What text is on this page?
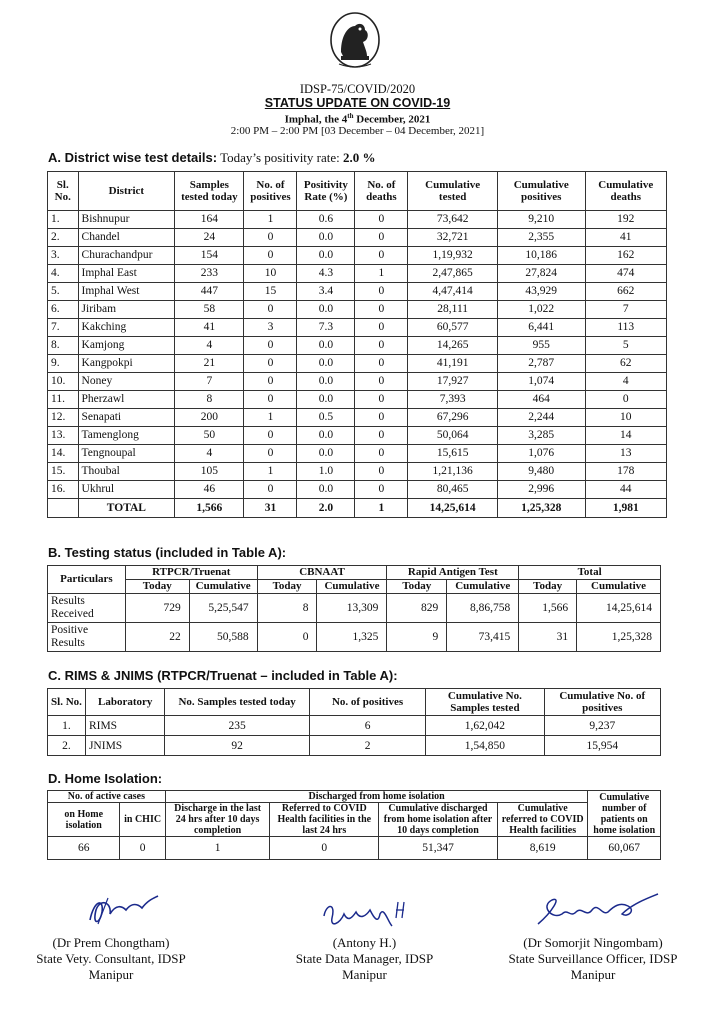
IDSP-75/COVID/2020
STATUS UPDATE ON COVID-19
Imphal, the 4th December, 2021
2:00 PM – 2:00 PM [03 December – 04 December, 2021]
A. District wise test details: Today’s positivity rate: 2.0 %
Sl. No.	District	Samples tested today	No. of positives	Positivity Rate (%)	No. of deaths	Cumulative tested	Cumulative positives	Cumulative deaths
1.	Bishnupur	164	1	0.6	0	73,642	9,210	192
2.	Chandel	24	0	0.0	0	32,721	2,355	41
3.	Churachandpur	154	0	0.0	0	1,19,932	10,186	162
4.	Imphal East	233	10	4.3	1	2,47,865	27,824	474
5.	Imphal West	447	15	3.4	0	4,47,414	43,929	662
6.	Jiribam	58	0	0.0	0	28,111	1,022	7
7.	Kakching	41	3	7.3	0	60,577	6,441	113
8.	Kamjong	4	0	0.0	0	14,265	955	5
9.	Kangpokpi	21	0	0.0	0	41,191	2,787	62
10.	Noney	7	0	0.0	0	17,927	1,074	4
11.	Pherzawl	8	0	0.0	0	7,393	464	0
12.	Senapati	200	1	0.5	0	67,296	2,244	10
13.	Tamenglong	50	0	0.0	0	50,064	3,285	14
14.	Tengnoupal	4	0	0.0	0	15,615	1,076	13
15.	Thoubal	105	1	1.0	0	1,21,136	9,480	178
16.	Ukhrul	46	0	0.0	0	80,465	2,996	44
	TOTAL	1,566	31	2.0	1	14,25,614	1,25,328	1,981
B. Testing status (included in Table A):
Particulars	RTPCR/Truenat		CBNAAT		Rapid Antigen Test		Total	
	Today	Cumulative	Today	Cumulative	Today	Cumulative	Today	Cumulative
Results Received	729	5,25,547	8	13,309	829	8,86,758	1,566	14,25,614
Positive Results	22	50,588	0	1,325	9	73,415	31	1,25,328
C. RIMS & JNIMS (RTPCR/Truenat – included in Table A):
Sl. No.	Laboratory	No. Samples tested today	No. of positives	Cumulative No. Samples tested	Cumulative No. of positives
1.	RIMS	235	6	1,62,042	9,237
2.	JNIMS	92	2	1,54,850	15,954
D. Home Isolation:
No. of active cases		Discharged from home isolation				Cumulative number of patients on home isolation
on Home isolation	in CHIC	Discharge in the last 24 hrs after 10 days completion	Referred to COVID Health facilities in the last 24 hrs	Cumulative discharged from home isolation after 10 days completion	Cumulative referred to COVID Health facilities	
66	0	1	0	51,347	8,619	60,067
(Dr Prem Chongtham)
State Vety. Consultant, IDSP
Manipur
(Antony H.)
State Data Manager, IDSP
Manipur
(Dr Somorjit Ningombam)
State Surveillance Officer, IDSP
Manipur
